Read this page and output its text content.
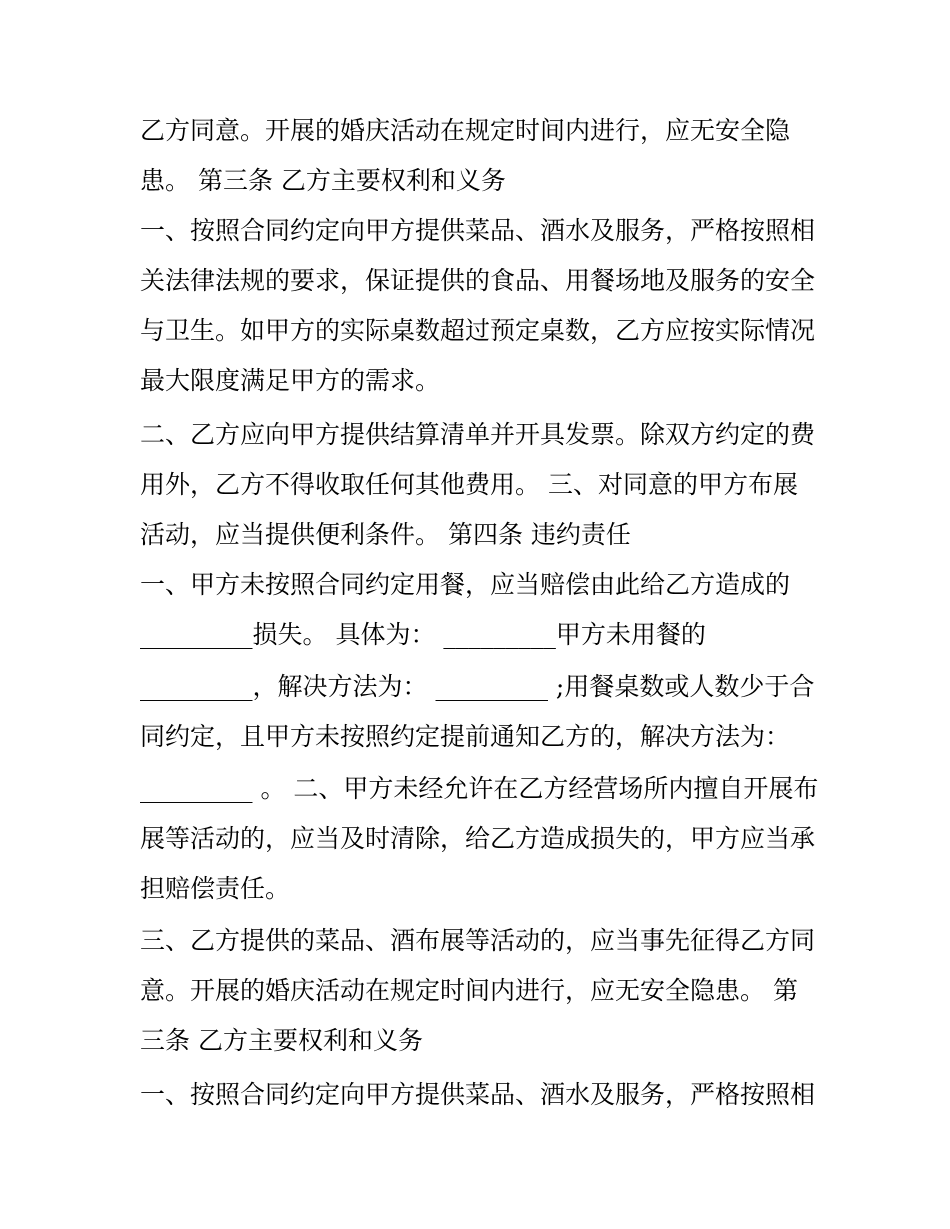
乙方同意。开展的婚庆活动在规定时间内进行，应无安全隐
患。 第三条 乙方主要权利和义务
一、按照合同约定向甲方提供菜品、酒水及服务，严格按照相
关法律法规的要求，保证提供的食品、用餐场地及服务的安全
与卫生。如甲方的实际桌数超过预定桌数，乙方应按实际情况
最大限度满足甲方的需求。
二、乙方应向甲方提供结算清单并开具发票。除双方约定的费
用外，乙方不得收取任何其他费用。 三、对同意的甲方布展
活动，应当提供便利条件。 第四条 违约责任
一、甲方未按照合同约定用餐，应当赔偿由此给乙方造成的
_________损失。 具体为： _________甲方未用餐的
_________，解决方法为： _________ ;用餐桌数或人数少于合
同约定，且甲方未按照约定提前通知乙方的，解决方法为：
_________ 。 二、甲方未经允许在乙方经营场所内擅自开展布
展等活动的，应当及时清除，给乙方造成损失的，甲方应当承
担赔偿责任。
三、乙方提供的菜品、酒布展等活动的，应当事先征得乙方同
意。开展的婚庆活动在规定时间内进行，应无安全隐患。 第
三条 乙方主要权利和义务
一、按照合同约定向甲方提供菜品、酒水及服务，严格按照相
